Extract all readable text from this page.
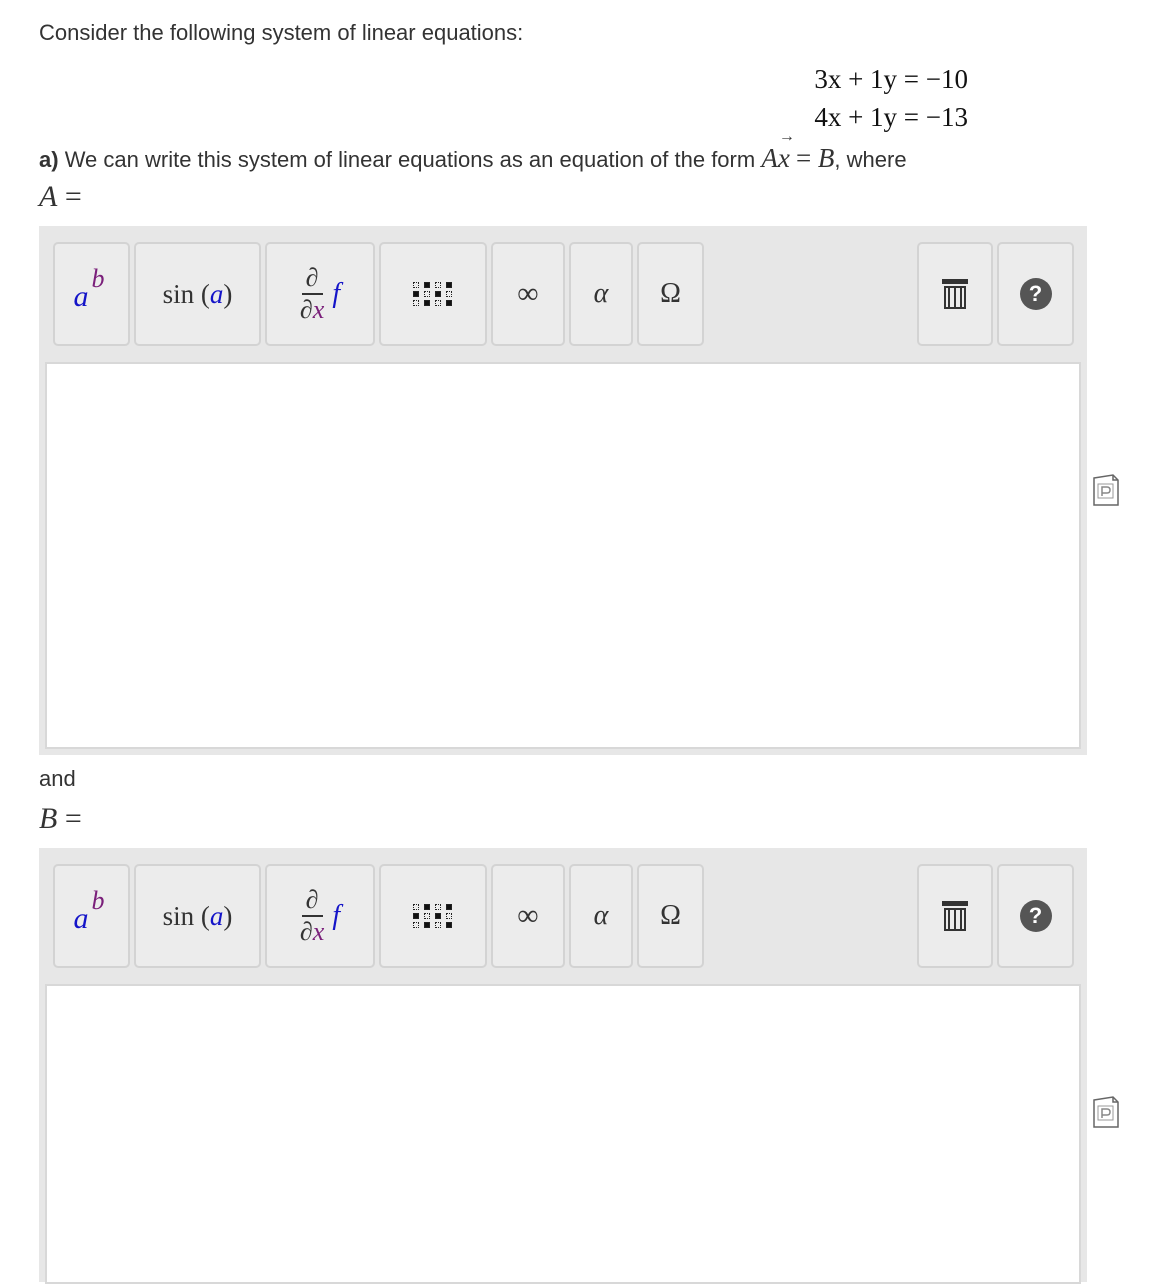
Consider the following system of linear equations:
3x + 1y = −10
4x + 1y = −13
a) We can write this system of linear equations as an equation of the form A→ x = B, where
A =
a
b sin (a)	$\frac{\partial}{\partial x}$ f	∞ α Ω	?
and
B =
a
b sin (a)	$\frac{\partial}{\partial x}$ f	∞ α Ω	?
